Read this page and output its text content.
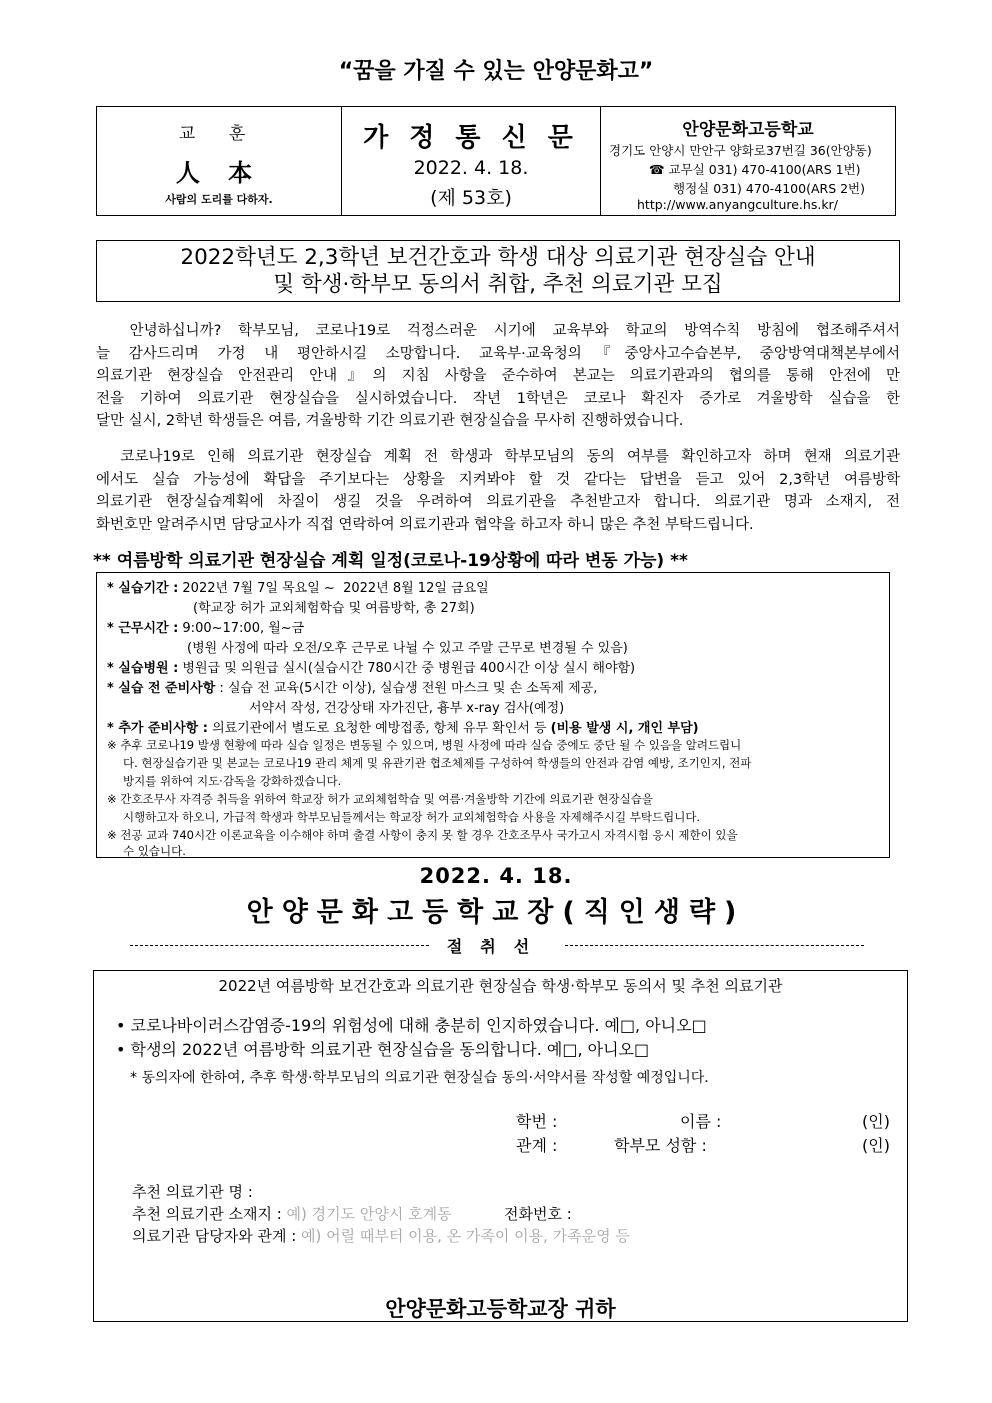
“꿈을 가질 수 있는 안양문화고”
교 훈
人 本
사람의 도리를 다하자.
가 정 통 신 문
2022. 4. 18.
(제 53호)
안양문화고등학교
경기도 안양시 만안구 양화로37번길 36(안양동)
☎ 교무실 031) 470-4100(ARS 1번)
행정실 031) 470-4100(ARS 2번)
http://www.anyangculture.hs.kr/
2022학년도 2,3학년 보건간호과 학생 대상 의료기관 현장실습 안내
및 학생·학부모 동의서 취합, 추천 의료기관 모집
안녕하십니까? 학부모님, 코로나19로 걱정스러운 시기에 교육부와 학교의 방역수칙 방침에 협조해주셔서
늘 감사드리며 가정 내 평안하시길 소망합니다. 교육부·교육청의『중앙사고수습본부, 중앙방역대책본부에서
의료기관 현장실습 안전관리 안내』의 지침 사항을 준수하여 본교는 의료기관과의 협의를 통해 안전에 만
전을 기하여 의료기관 현장실습을 실시하였습니다. 작년 1학년은 코로나 확진자 증가로 겨울방학 실습을 한
달만 실시, 2학년 학생들은 여름, 겨울방학 기간 의료기관 현장실습을 무사히 진행하였습니다.
코로나19로 인해 의료기관 현장실습 계획 전 학생과 학부모님의 동의 여부를 확인하고자 하며 현재 의료기관
에서도 실습 가능성에 확답을 주기보다는 상황을 지켜봐야 할 것 같다는 답변을 듣고 있어 2,3학년 여름방학
의료기관 현장실습계획에 차질이 생길 것을 우려하여 의료기관을 추천받고자 합니다. 의료기관 명과 소재지, 전
화번호만 알려주시면 담당교사가 직접 연락하여 의료기관과 협약을 하고자 하니 많은 추천 부탁드립니다.
** 여름방학 의료기관 현장실습 계획 일정(코로나-19상황에 따라 변동 가능) **
* 실습기간 : 2022년 7월 7일 목요일 ~  2022년 8월 12일 금요일
(학교장 허가 교외체험학습 및 여름방학, 총 27회)
* 근무시간 : 9:00~17:00, 월~금
(병원 사정에 따라 오전/오후 근무로 나뉠 수 있고 주말 근무로 변경될 수 있음)
* 실습병원 : 병원급 및 의원급 실시(실습시간 780시간 중 병원급 400시간 이상 실시 해야함)
* 실습 전 준비사항 : 실습 전 교육(5시간 이상), 실습생 전원 마스크 및 손 소독제 제공,
서약서 작성, 건강상태 자가진단, 흉부 x-ray 검사(예정)
* 추가 준비사항 : 의료기관에서 별도로 요청한 예방접종, 항체 유무 확인서 등 (비용 발생 시, 개인 부담)
※ 추후 코로나19 발생 현황에 따라 실습 일정은 변동될 수 있으며, 병원 사정에 따라 실습 중에도 중단 될 수 있음을 알려드립니
다. 현장실습기관 및 본교는 코로나19 관리 체계 및 유관기관 협조체제를 구성하여 학생들의 안전과 감염 예방, 조기인지, 전파
방지를 위하여 지도·감독을 강화하겠습니다.
※ 간호조무사 자격증 취득을 위하여 학교장 허가 교외체험학습 및 여름·겨울방학 기간에 의료기관 현장실습을
시행하고자 하오니, 가급적 학생과 학부모님들께서는 학교장 허가 교외체험학습 사용을 자제해주시길 부탁드립니다.
※ 전공 교과 740시간 이론교육을 이수해야 하며 출결 사항이 충지 못 할 경우 간호조무사 국가고시 자격시험 응시 제한이 있을
수 있습니다.
2022. 4. 18.
안양문화고등학교장(직인생략)
절취선
2022년 여름방학 보건간호과 의료기관 현장실습 학생·학부모 동의서 및 추천 의료기관
• 코로나바이러스감염증-19의 위험성에 대해 충분히 인지하였습니다. 예□, 아니오□
• 학생의 2022년 여름방학 의료기관 현장실습을 동의합니다. 예□, 아니오□
* 동의자에 한하여, 추후 학생·학부모님의 의료기관 현장실습 동의·서약서를 작성할 예정입니다.
학번 :	이름 :	(인)
관계 :	학부모 성함 :	(인)
추천 의료기관 명 :
추천 의료기관 소재지 : 예) 경기도 안양시 호계동	전화번호 :
의료기관 담당자와 관계 : 예) 어릴 때부터 이용, 온 가족이 이용, 가족운영 등
안양문화고등학교장 귀하
